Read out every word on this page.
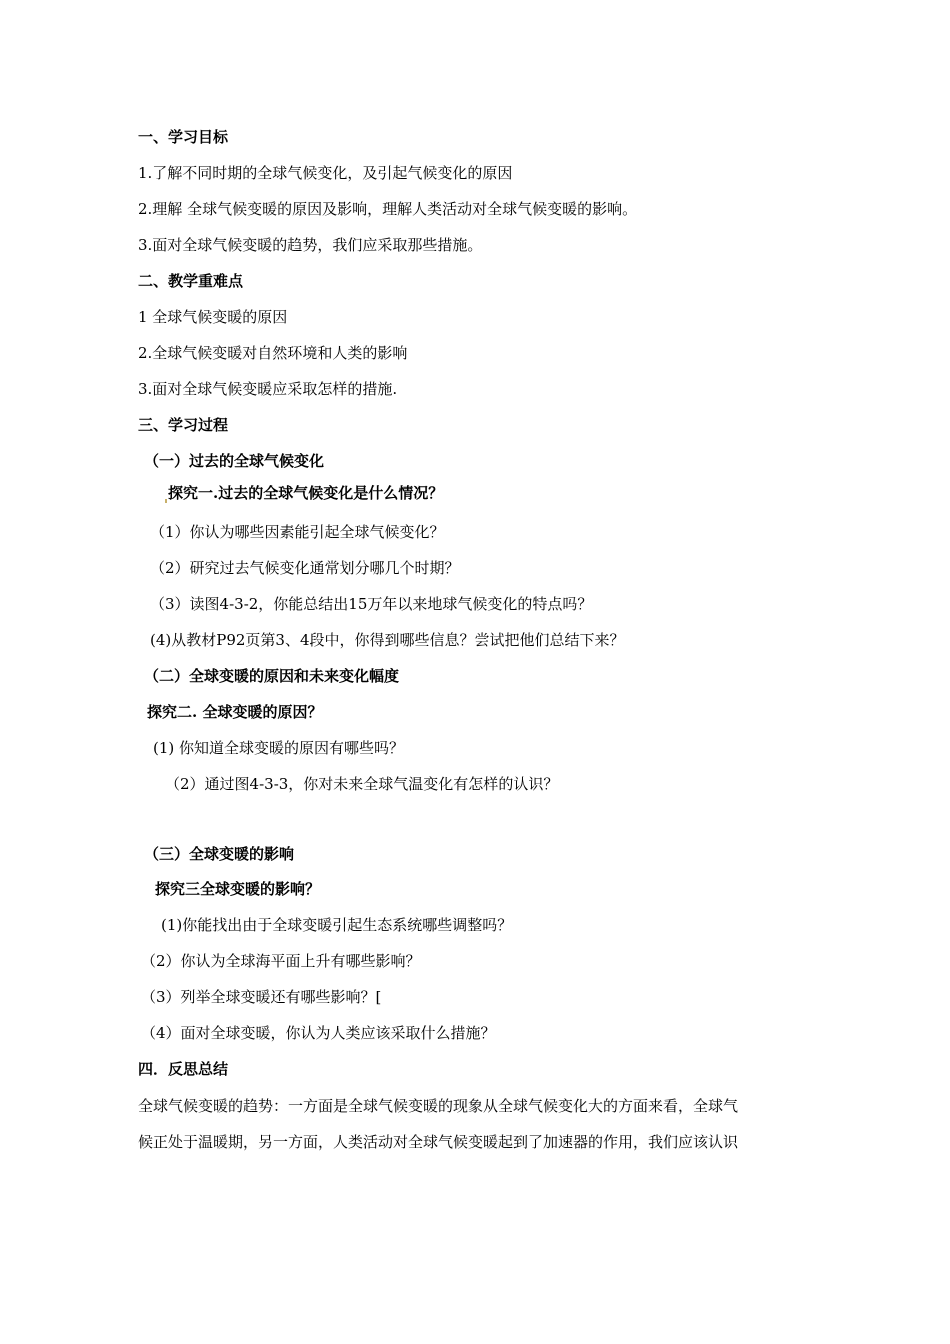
一、学习目标
1.了解不同时期的全球气候变化，及引起气候变化的原因
2.理解 全球气候变暖的原因及影响，理解人类活动对全球气候变暖的影响。
3.面对全球气候变暖的趋势，我们应采取那些措施。
二、教学重难点
1 全球气候变暖的原因
2.全球气候变暖对自然环境和人类的影响
3.面对全球气候变暖应采取怎样的措施.
三、学习过程
（一）过去的全球气候变化
探究一.过去的全球气候变化是什么情况？
（1）你认为哪些因素能引起全球气候变化？
（2）研究过去气候变化通常划分哪几个时期？
（3）读图4-3-2，你能总结出15万年以来地球气候变化的特点吗？
(4)从教材P92页第3、4段中，你得到哪些信息？尝试把他们总结下来？
（二）全球变暖的原因和未来变化幅度
探究二. 全球变暖的原因？
(1) 你知道全球变暖的原因有哪些吗？
（2）通过图4-3-3，你对未来全球气温变化有怎样的认识？
（三）全球变暖的影响
探究三全球变暖的影响？
(1)你能找出由于全球变暖引起生态系统哪些调整吗？
（2）你认为全球海平面上升有哪些影响？
（3）列举全球变暖还有哪些影响？[
（4）面对全球变暖，你认为人类应该采取什么措施？
四．反思总结
全球气候变暖的趋势：一方面是全球气候变暖的现象从全球气候变化大的方面来看，全球气
候正处于温暖期，另一方面，人类活动对全球气候变暖起到了加速器的作用，我们应该认识
